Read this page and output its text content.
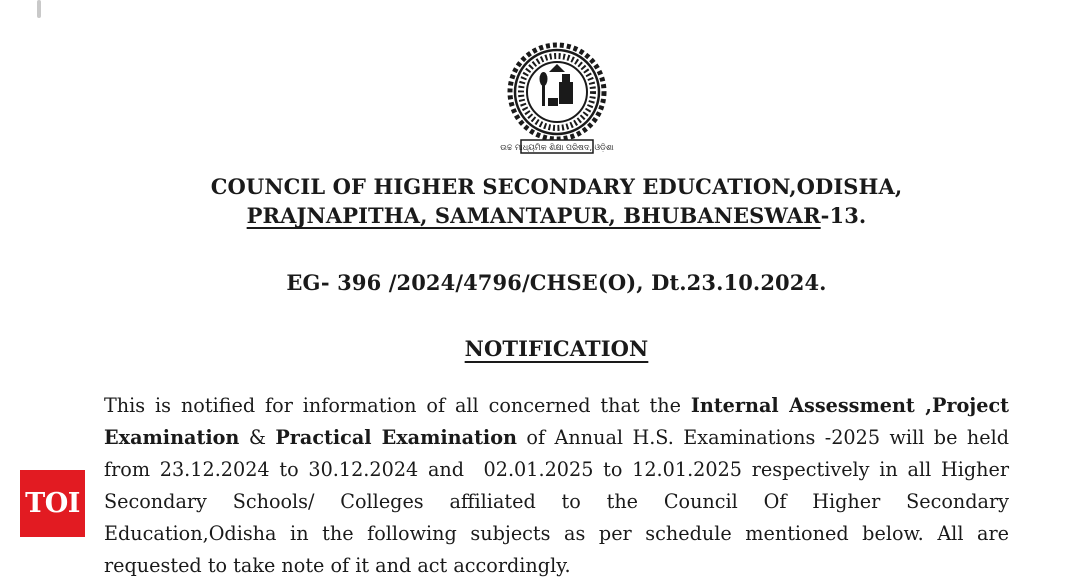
ଉଚ୍ଚ ମାଧ୍ୟମିକ ଶିକ୍ଷା ପରିଷଦ, ଓଡ଼ିଶା
COUNCIL OF HIGHER SECONDARY EDUCATION,ODISHA,
PRAJNAPITHA, SAMANTAPUR, BHUBANESWAR-13.
EG- 396 /2024/4796/CHSE(O), Dt.23.10.2024.
NOTIFICATION
This is notified for information of all concerned that the Internal Assessment ,Project Examination & Practical Examination of Annual H.S. Examinations -2025 will be held from 23.12.2024 to 30.12.2024 and  02.01.2025 to 12.01.2025 respectively in all Higher Secondary Schools/ Colleges affiliated to the Council Of Higher Secondary Education,Odisha in the following subjects as per schedule mentioned below. All are requested to take note of it and act accordingly.
TOI
